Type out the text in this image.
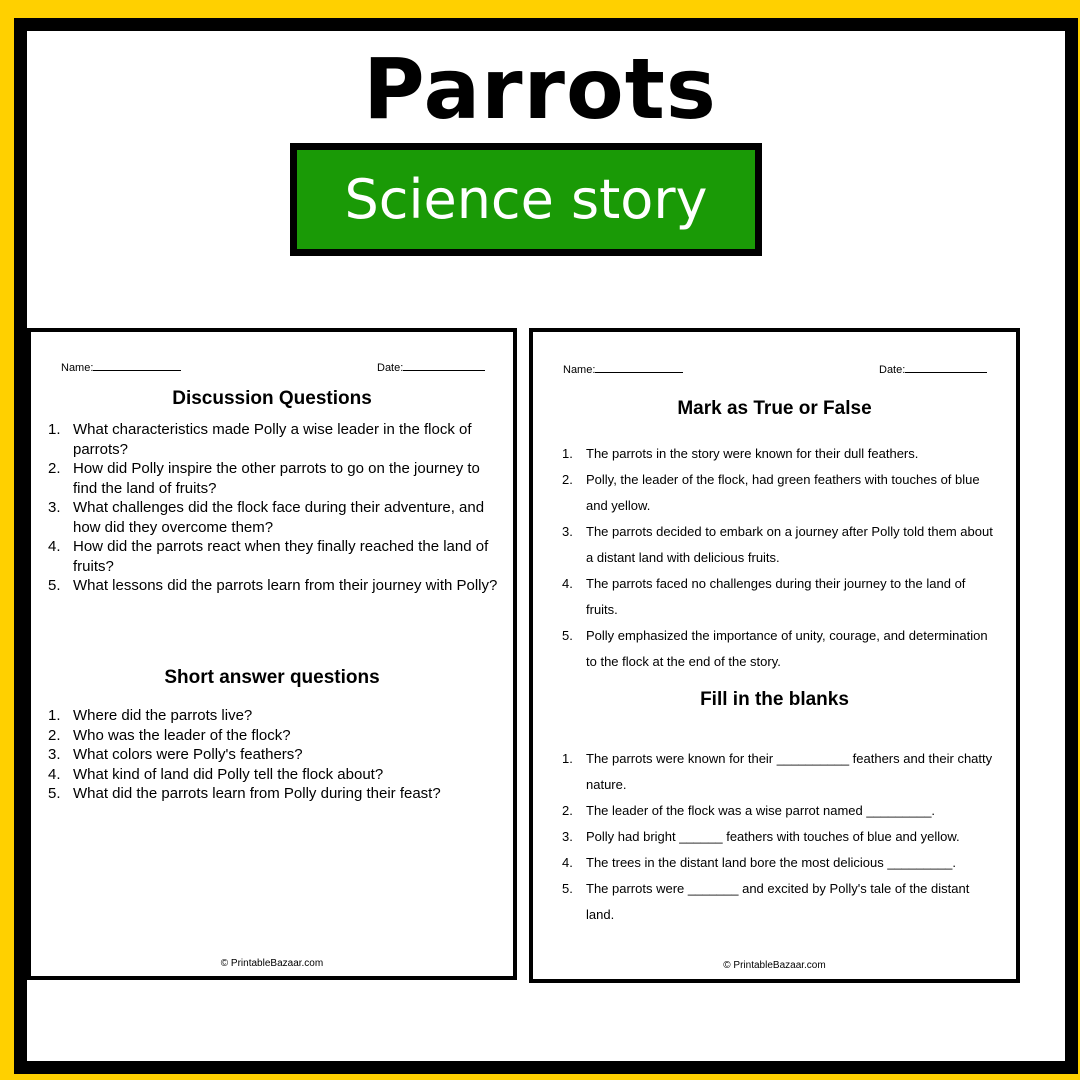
Parrots
Science story
Name:	Date:
Discussion Questions
What characteristics made Polly a wise leader in the flock of parrots?
How did Polly inspire the other parrots to go on the journey to find the land of fruits?
What challenges did the flock face during their adventure, and how did they overcome them?
How did the parrots react when they finally reached the land of fruits?
What lessons did the parrots learn from their journey with Polly?
Short answer questions
Where did the parrots live?
Who was the leader of the flock?
What colors were Polly's feathers?
What kind of land did Polly tell the flock about?
What did the parrots learn from Polly during their feast?
© PrintableBazaar.com
Name:	Date:
Mark as True or False
The parrots in the story were known for their dull feathers.
Polly, the leader of the flock, had green feathers with touches of blue and yellow.
The parrots decided to embark on a journey after Polly told them about a distant land with delicious fruits.
The parrots faced no challenges during their journey to the land of fruits.
Polly emphasized the importance of unity, courage, and determination to the flock at the end of the story.
Fill in the blanks
The parrots were known for their __________ feathers and their chatty nature.
The leader of the flock was a wise parrot named _________.
Polly had bright ______ feathers with touches of blue and yellow.
The trees in the distant land bore the most delicious _________.
The parrots were _______ and excited by Polly's tale of the distant land.
© PrintableBazaar.com
